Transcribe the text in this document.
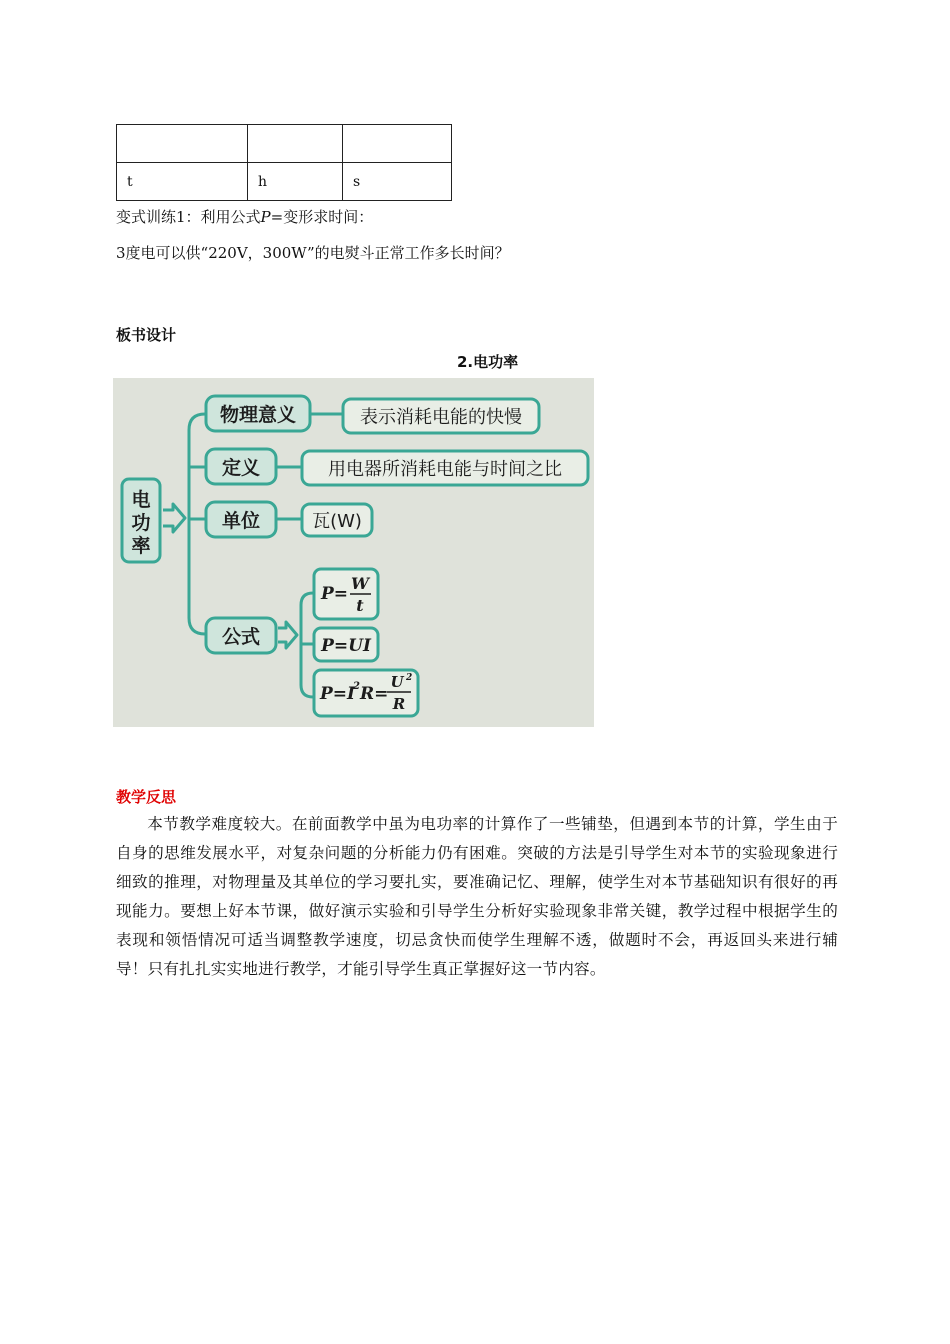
t	h	s
变式训练1：利用公式P=变形求时间：
3度电可以供“220V，300W”的电熨斗正常工作多长时间？
板书设计
2.电功率
电
功
率
物理意义	表示消耗电能的快慢
定义	用电器所消耗电能与时间之比
单位	瓦(W)
公式
P=
W
t
P=UI
P=I
2 R=
U 2
R
教学反思
本节教学难度较大。在前面教学中虽为电功率的计算作了一些铺垫，但遇到本节的计算，学生由于自身的思维发展水平，对复杂问题的分析能力仍有困难。突破的方法是引导学生对本节的实验现象进行细致的推理，对物理量及其单位的学习要扎实，要准确记忆、理解，使学生对本节基础知识有很好的再现能力。要想上好本节课，做好演示实验和引导学生分析好实验现象非常关键，教学过程中根据学生的表现和领悟情况可适当调整教学速度，切忌贪快而使学生理解不透，做题时不会，再返回头来进行辅导！只有扎扎实实地进行教学，才能引导学生真正掌握好这一节内容。
